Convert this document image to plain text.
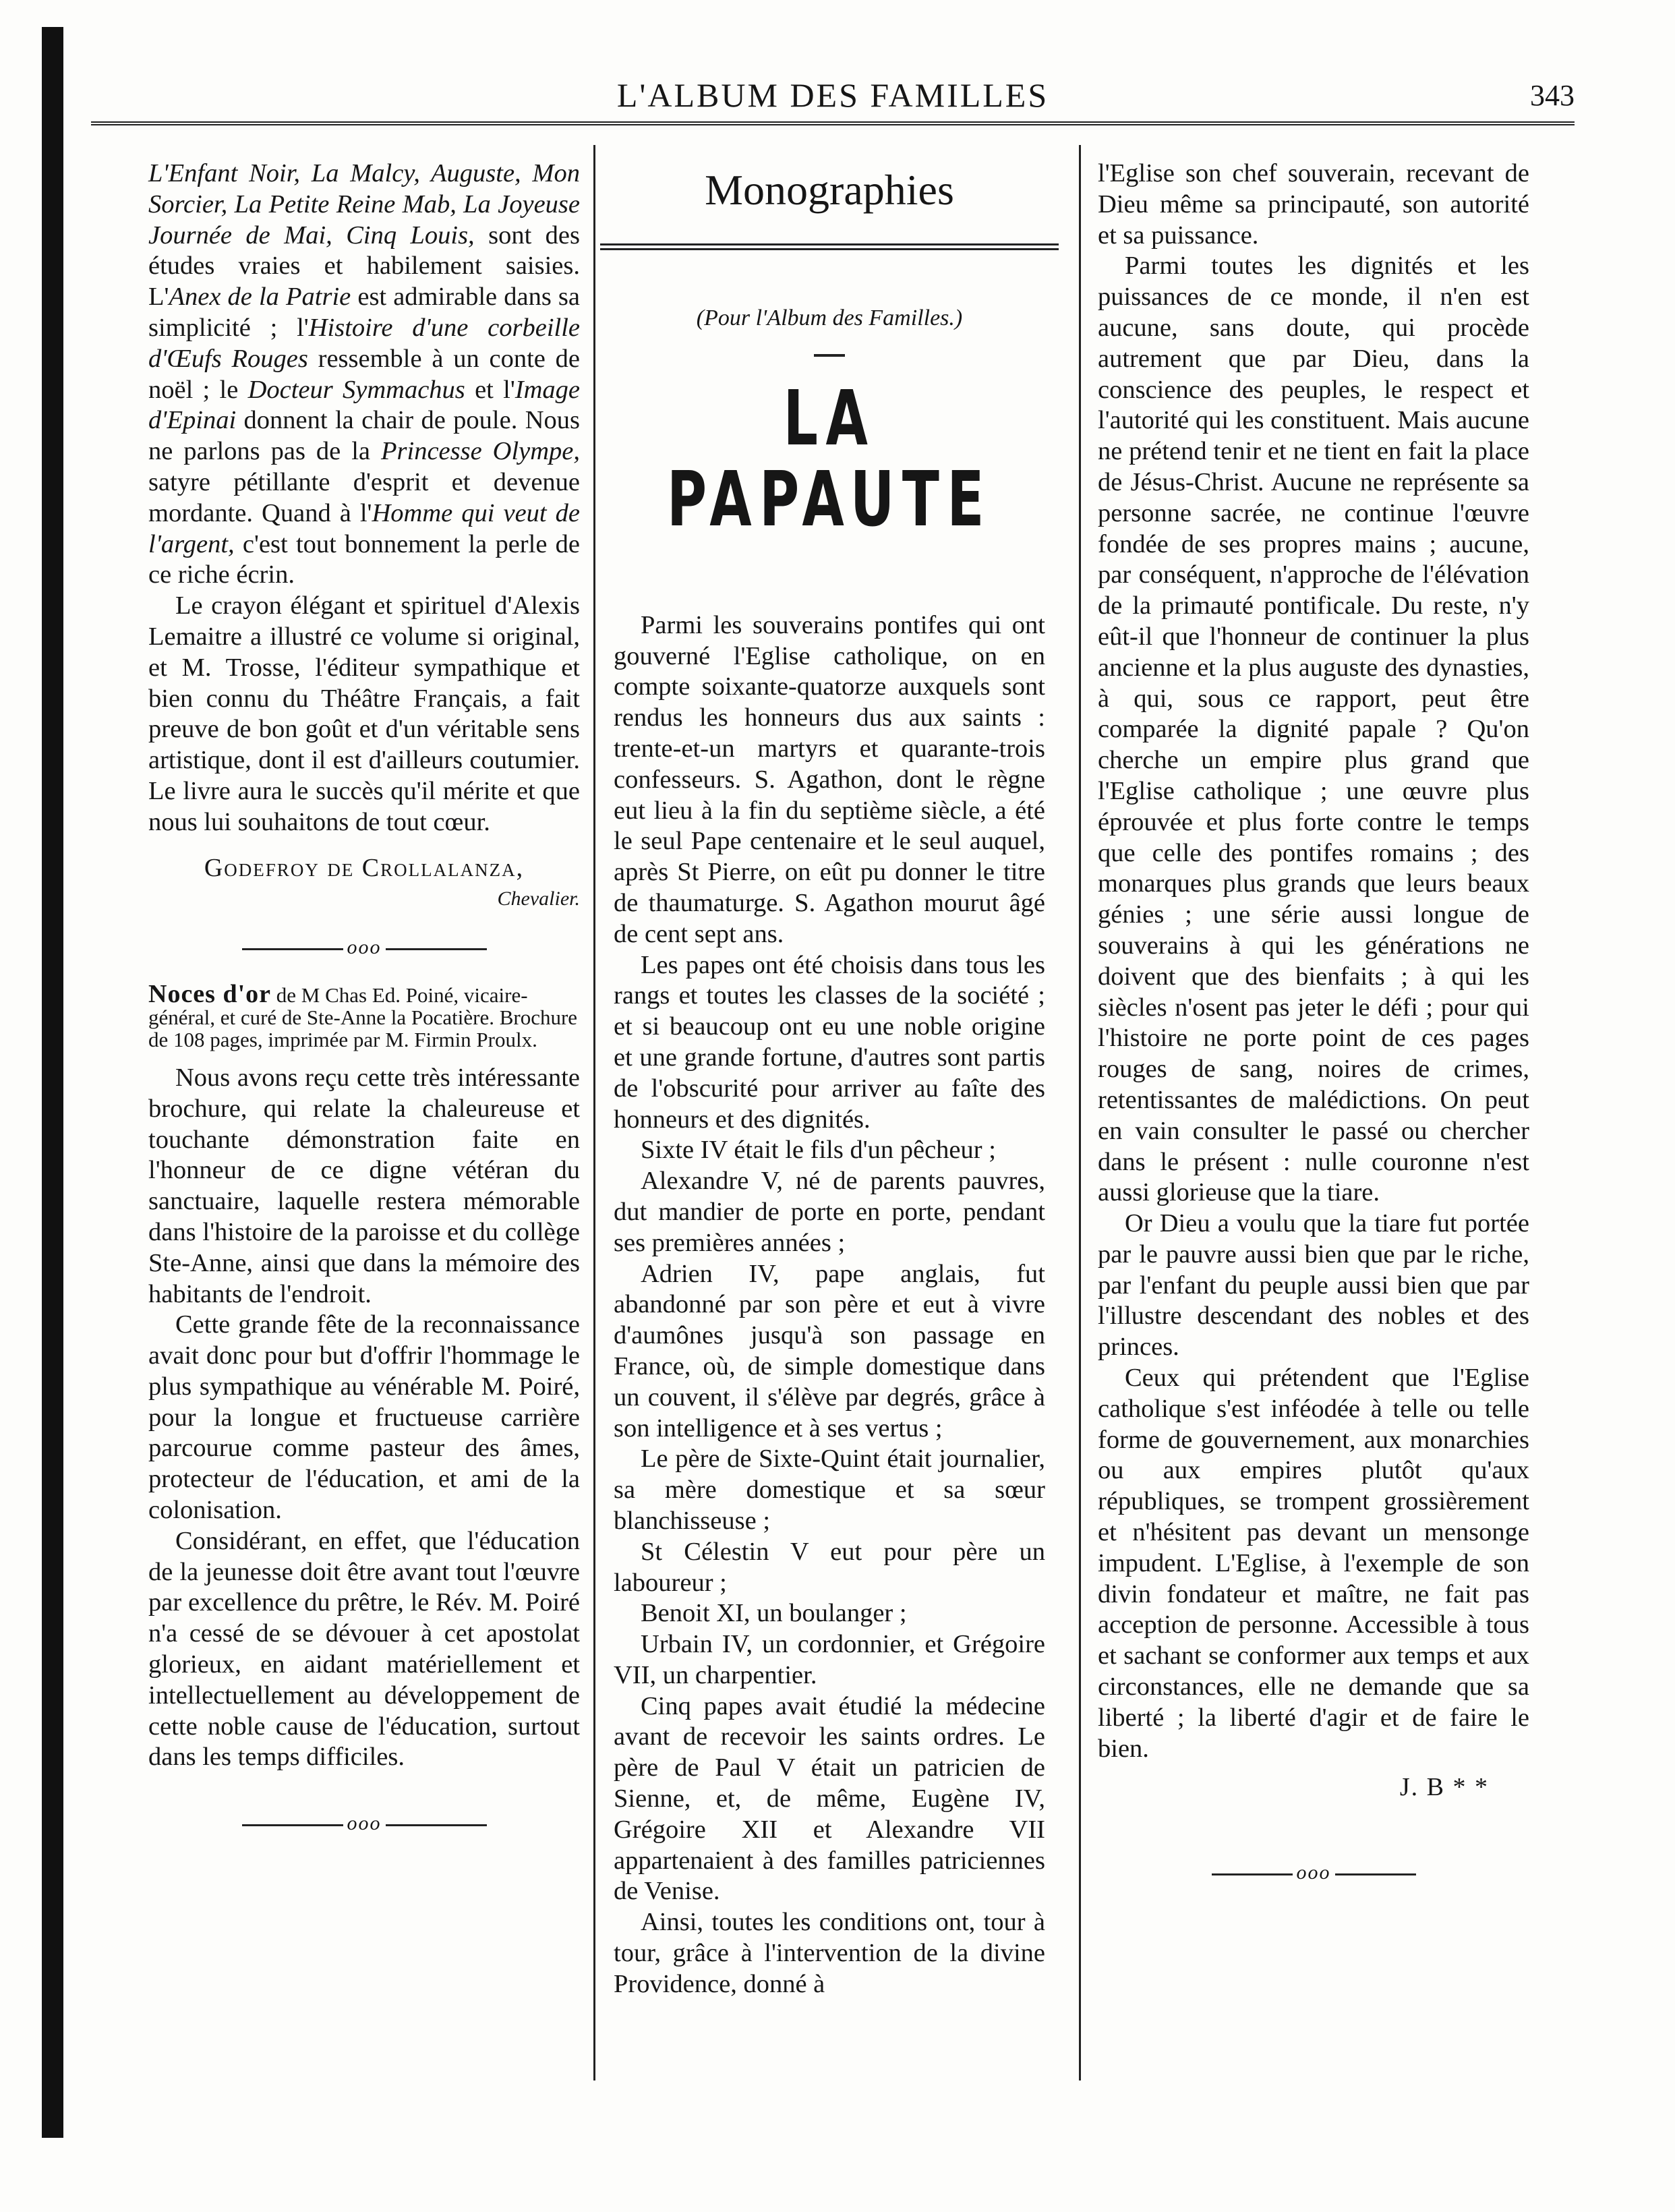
L'ALBUM DES FAMILLES	343

L'Enfant Noir, La Malcy, Auguste, Mon Sorcier, La Petite Reine Mab, La Joyeuse Journée de Mai, Cinq Louis, sont des études vraies et habilement saisies. L'Anex de la Patrie est admirable dans sa simplicité ; l'Histoire d'une corbeille d'Œufs Rouges ressemble à un conte de noël ; le Docteur Symmachus et l'Image d'Epinai donnent la chair de poule. Nous ne parlons pas de la Princesse Olympe, satyre pétillante d'esprit et devenue mordante. Quand à l'Homme qui veut de l'argent, c'est tout bonnement la perle de ce riche écrin.

Le crayon élégant et spirituel d'Alexis Lemaitre a illustré ce volume si original, et M. Trosse, l'éditeur sympathique et bien connu du Théâtre Français, a fait preuve de bon goût et d'un véritable sens artistique, dont il est d'ailleurs coutumier. Le livre aura le succès qu'il mérite et que nous lui souhaitons de tout cœur.

Godefroy de Crollalanza,
Chevalier.
ooo
Noces d'or de M Chas Ed. Poiné, vicaire-général, et curé de Ste-Anne la Pocatière. Brochure de 108 pages, imprimée par M. Firmin Proulx.

Nous avons reçu cette très intéressante brochure, qui relate la chaleureuse et touchante démonstration faite en l'honneur de ce digne vétéran du sanctuaire, laquelle restera mémorable dans l'histoire de la paroisse et du collège Ste-Anne, ainsi que dans la mémoire des habitants de l'endroit.

Cette grande fête de la reconnaissance avait donc pour but d'offrir l'hommage le plus sympathique au vénérable M. Poiré, pour la longue et fructueuse carrière parcourue comme pasteur des âmes, protecteur de l'éducation, et ami de la colonisation.

Considérant, en effet, que l'éducation de la jeunesse doit être avant tout l'œuvre par excellence du prêtre, le Rév. M. Poiré n'a cessé de se dévouer à cet apostolat glorieux, en aidant matériellement et intellectuellement au développement de cette noble cause de l'éducation, surtout dans les temps difficiles.

ooo
Monographies
(Pour l'Album des Familles.)
LA PAPAUTE

Parmi les souverains pontifes qui ont gouverné l'Eglise catholique, on en compte soixante-quatorze auxquels sont rendus les honneurs dus aux saints : trente-et-un martyrs et quarante-trois confesseurs. S. Agathon, dont le règne eut lieu à la fin du septième siècle, a été le seul Pape centenaire et le seul auquel, après St Pierre, on eût pu donner le titre de thaumaturge. S. Agathon mourut âgé de cent sept ans.

Les papes ont été choisis dans tous les rangs et toutes les classes de la société ; et si beaucoup ont eu une noble origine et une grande fortune, d'autres sont partis de l'obscurité pour arriver au faîte des honneurs et des dignités.

Sixte IV était le fils d'un pêcheur ;

Alexandre V, né de parents pauvres, dut mandier de porte en porte, pendant ses premières années ;

Adrien IV, pape anglais, fut abandonné par son père et eut à vivre d'aumônes jusqu'à son passage en France, où, de simple domestique dans un couvent, il s'élève par degrés, grâce à son intelligence et à ses vertus ;

Le père de Sixte-Quint était journalier, sa mère domestique et sa sœur blanchisseuse ;

St Célestin V eut pour père un laboureur ;

Benoit XI, un boulanger ;

Urbain IV, un cordonnier, et Grégoire VII, un charpentier.

Cinq papes avait étudié la médecine avant de recevoir les saints ordres. Le père de Paul V était un patricien de Sienne, et, de même, Eugène IV, Grégoire XII et Alexandre VII appartenaient à des familles patriciennes de Venise.

Ainsi, toutes les conditions ont, tour à tour, grâce à l'intervention de la divine Providence, donné à

l'Eglise son chef souverain, recevant de Dieu même sa principauté, son autorité et sa puissance.

Parmi toutes les dignités et les puissances de ce monde, il n'en est aucune, sans doute, qui procède autrement que par Dieu, dans la conscience des peuples, le respect et l'autorité qui les constituent. Mais aucune ne prétend tenir et ne tient en fait la place de Jésus-Christ. Aucune ne représente sa personne sacrée, ne continue l'œuvre fondée de ses propres mains ; aucune, par conséquent, n'approche de l'élévation de la primauté pontificale. Du reste, n'y eût-il que l'honneur de continuer la plus ancienne et la plus auguste des dynasties, à qui, sous ce rapport, peut être comparée la dignité papale ? Qu'on cherche un empire plus grand que l'Eglise catholique ; une œuvre plus éprouvée et plus forte contre le temps que celle des pontifes romains ; des monarques plus grands que leurs beaux génies ; une série aussi longue de souverains à qui les générations ne doivent que des bienfaits ; à qui les siècles n'osent pas jeter le défi ; pour qui l'histoire ne porte point de ces pages rouges de sang, noires de crimes, retentissantes de malédictions. On peut en vain consulter le passé ou chercher dans le présent : nulle couronne n'est aussi glorieuse que la tiare.

Or Dieu a voulu que la tiare fut portée par le pauvre aussi bien que par le riche, par l'enfant du peuple aussi bien que par l'illustre descendant des nobles et des princes.

Ceux qui prétendent que l'Eglise catholique s'est inféodée à telle ou telle forme de gouvernement, aux monarchies ou aux empires plutôt qu'aux républiques, se trompent grossièrement et n'hésitent pas devant un mensonge impudent. L'Eglise, à l'exemple de son divin fondateur et maître, ne fait pas acception de personne. Accessible à tous et sachant se conformer aux temps et aux circonstances, elle ne demande que sa liberté ; la liberté d'agir et de faire le bien.

J. B * *
ooo
